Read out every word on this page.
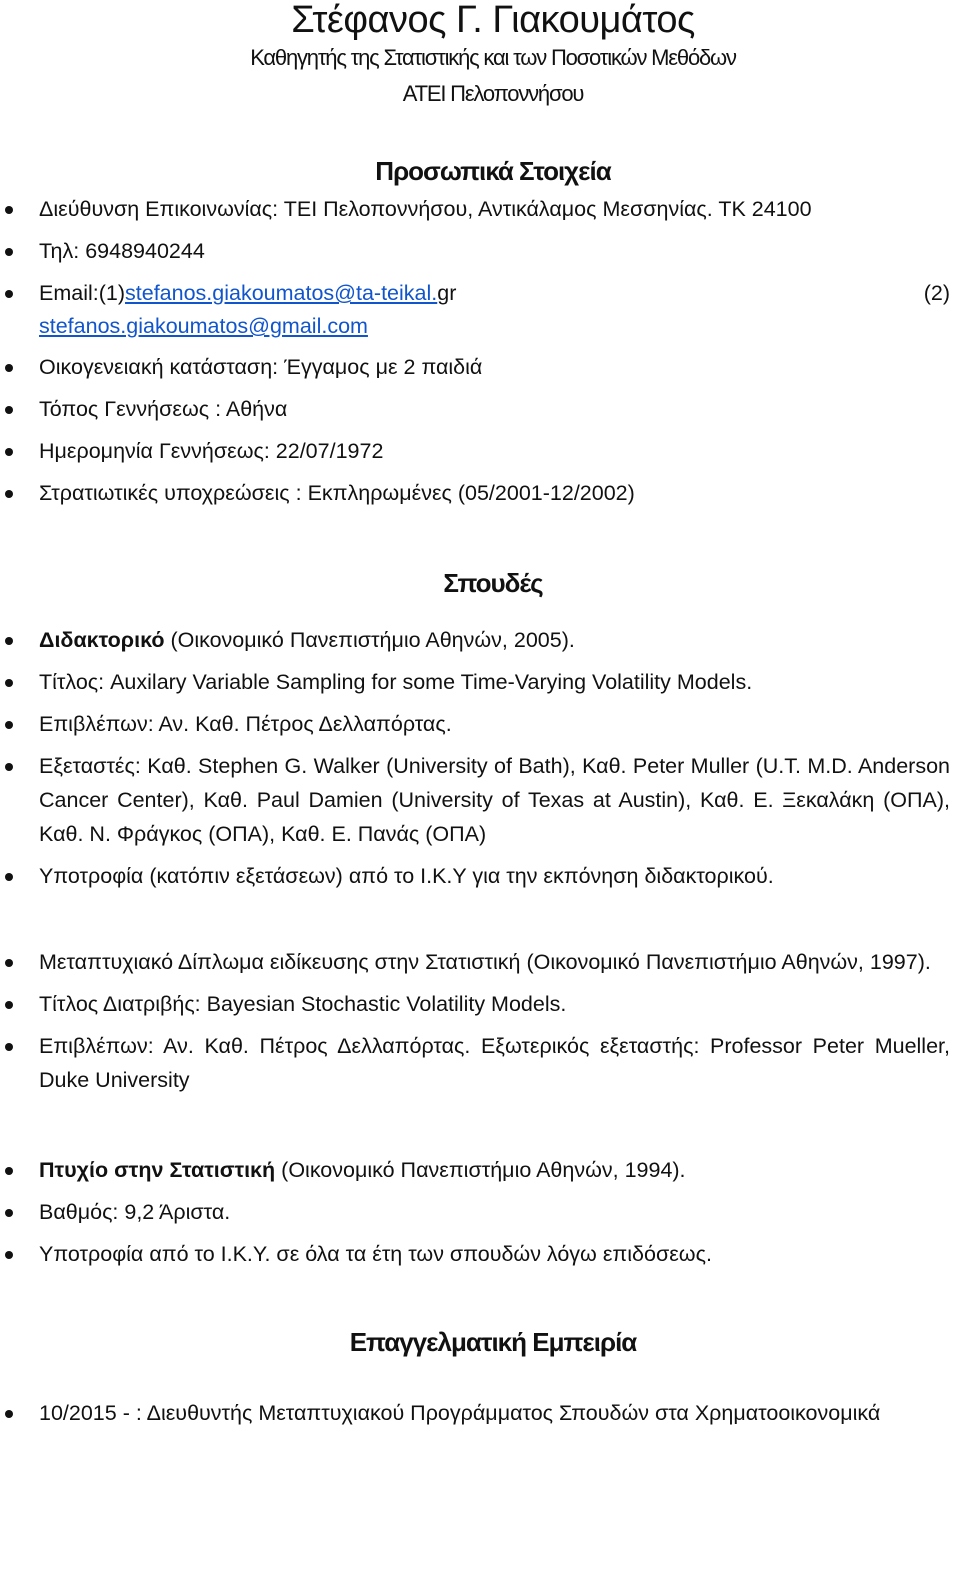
Στέφανος Γ. Γιακουμάτος
Καθηγητής της Στατιστικής και των Ποσοτικών Μεθόδων
ΑΤΕΙ Πελοποννήσου
Προσωπικά Στοιχεία
Διεύθυνση Επικοινωνίας: ΤΕΙ Πελοποννήσου, Αντικάλαμος Μεσσηνίας. ΤΚ 24100
Τηλ: 6948940244
Email:(1)stefanos.giakoumatos@ta-teikal.gr	(2)
stefanos.giakoumatos@gmail.com
Οικογενειακή κατάσταση: Έγγαμος με 2 παιδιά
Τόπος Γεννήσεως : Αθήνα
Ημερομηνία Γεννήσεως: 22/07/1972
Στρατιωτικές υποχρεώσεις : Εκπληρωμένες (05/2001-12/2002)
Σπουδές
Διδακτορικό (Οικονομικό Πανεπιστήμιο Αθηνών, 2005).
Τίτλος: Auxilary Variable Sampling for some Time-Varying Volatility Models.
Επιβλέπων: Αν. Καθ. Πέτρος Δελλαπόρτας.
Εξεταστές: Καθ. Stephen G. Walker (University of Bath), Καθ. Peter Muller (U.T. M.D. Anderson Cancer Center), Καθ. Paul Damien (University of Texas at Austin), Καθ. Ε. Ξεκαλάκη (ΟΠΑ), Καθ. Ν. Φράγκος (ΟΠΑ), Καθ. Ε. Πανάς (ΟΠΑ)
Υποτροφία (κατόπιν εξετάσεων) από το Ι.Κ.Υ για την εκπόνηση διδακτορικού.
Μεταπτυχιακό Δίπλωμα ειδίκευσης στην Στατιστική (Οικονομικό Πανεπιστήμιο Αθηνών, 1997).
Τίτλος Διατριβής: Bayesian Stochastic Volatility Models.
Επιβλέπων: Αν. Καθ. Πέτρος Δελλαπόρτας. Εξωτερικός εξεταστής: Professor Peter Mueller, Duke University
Πτυχίο στην Στατιστική (Οικονομικό Πανεπιστήμιο Αθηνών, 1994).
Βαθμός: 9,2 Άριστα.
Υποτροφία από το Ι.Κ.Υ. σε όλα τα έτη των σπουδών λόγω επιδόσεως.
Επαγγελματική Εμπειρία
10/2015 - : Διευθυντής Μεταπτυχιακού Προγράμματος Σπουδών στα Χρηματοοικονομικά
